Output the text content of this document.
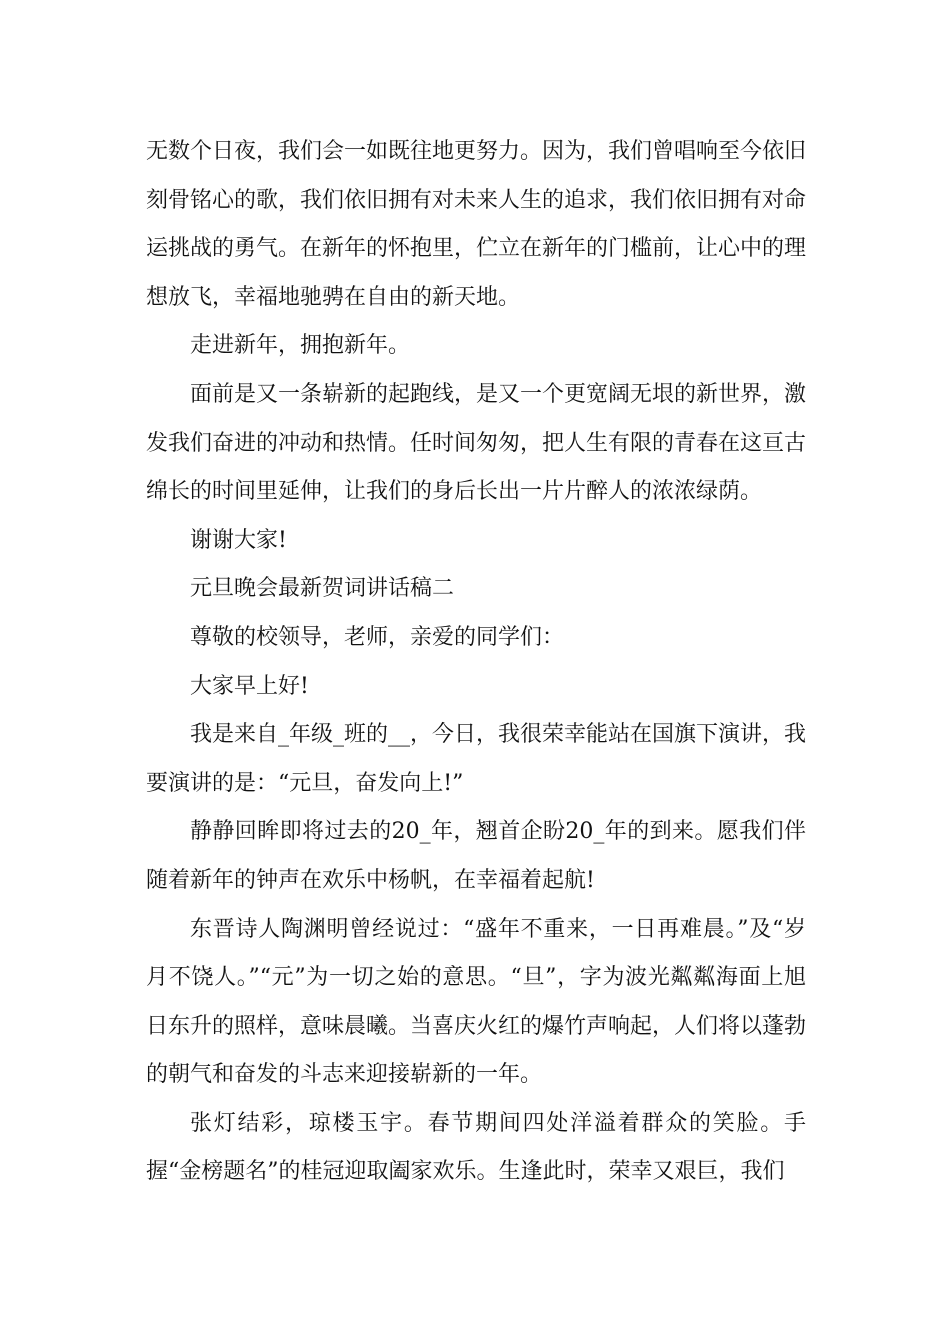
无数个日夜，我们会一如既往地更努力。因为，我们曾唱响至今依旧刻骨铭心的歌，我们依旧拥有对未来人生的追求，我们依旧拥有对命运挑战的勇气。在新年的怀抱里，伫立在新年的门槛前，让心中的理想放飞，幸福地驰骋在自由的新天地。

走进新年，拥抱新年。

面前是又一条崭新的起跑线，是又一个更宽阔无垠的新世界，激发我们奋进的冲动和热情。任时间匆匆，把人生有限的青春在这亘古绵长的时间里延伸，让我们的身后长出一片片醉人的浓浓绿荫。

谢谢大家!

元旦晚会最新贺词讲话稿二

尊敬的校领导，老师，亲爱的同学们：

大家早上好!

我是来自_年级_班的__，今日，我很荣幸能站在国旗下演讲，我要演讲的是：“元旦，奋发向上!”

静静回眸即将过去的20_年，翘首企盼20_年的到来。愿我们伴随着新年的钟声在欢乐中杨帆，在幸福着起航!

东晋诗人陶渊明曾经说过：“盛年不重来，一日再难晨。”及“岁月不饶人。”“元”为一切之始的意思。“旦”，字为波光粼粼海面上旭日东升的照样，意味晨曦。当喜庆火红的爆竹声响起，人们将以蓬勃的朝气和奋发的斗志来迎接崭新的一年。

张灯结彩，琼楼玉宇。春节期间四处洋溢着群众的笑脸。手握“金榜题名”的桂冠迎取阖家欢乐。生逢此时，荣幸又艰巨，我们
